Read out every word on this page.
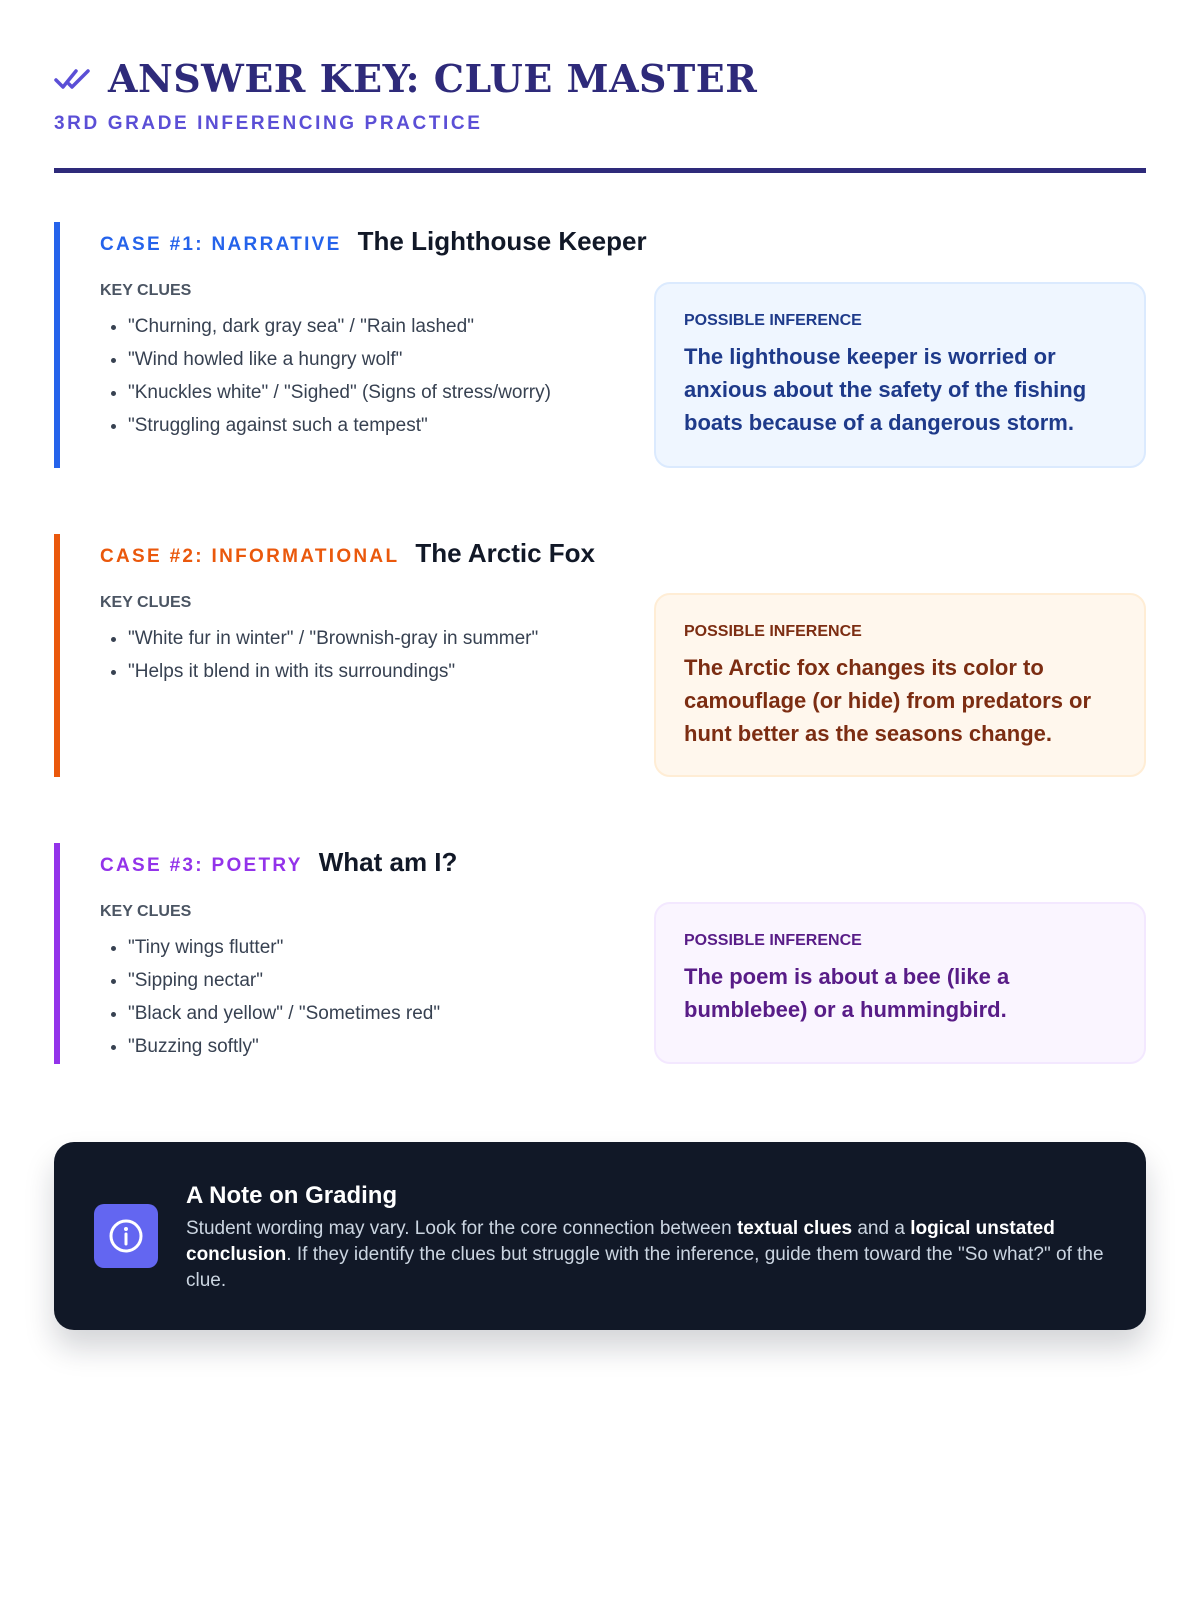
ANSWER KEY: CLUE MASTER
3RD GRADE INFERENCING PRACTICE
CASE #1: NARRATIVE The Lighthouse Keeper
KEY CLUES
• "Churning, dark gray sea" / "Rain lashed"
• "Wind howled like a hungry wolf"
• "Knuckles white" / "Sighed" (Signs of stress/worry)
• "Struggling against such a tempest"
POSSIBLE INFERENCE
The lighthouse keeper is worried or anxious about the safety of the fishing boats because of a dangerous storm.
CASE #2: INFORMATIONAL The Arctic Fox
KEY CLUES
• "White fur in winter" / "Brownish-gray in summer"
• "Helps it blend in with its surroundings"
POSSIBLE INFERENCE
The Arctic fox changes its color to camouflage (or hide) from predators or hunt better as the seasons change.
CASE #3: POETRY What am I?
KEY CLUES
• "Tiny wings flutter"
• "Sipping nectar"
• "Black and yellow" / "Sometimes red"
• "Buzzing softly"
POSSIBLE INFERENCE
The poem is about a bee (like a bumblebee) or a hummingbird.
A Note on Grading
Student wording may vary. Look for the core connection between textual clues and a logical unstated conclusion. If they identify the clues but struggle with the inference, guide them toward the "So what?" of the clue.
